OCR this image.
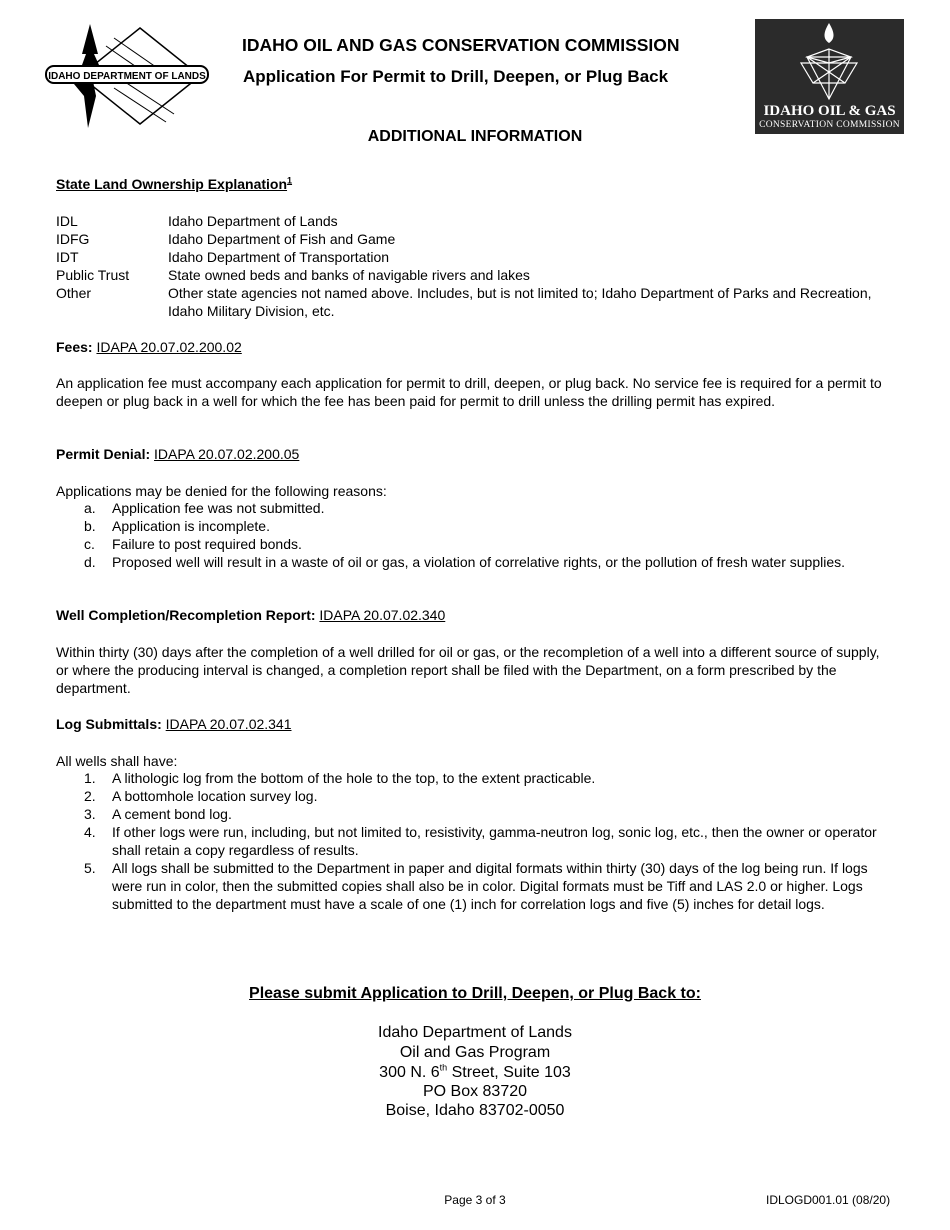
IDAHO DEPARTMENT OF LANDS
IDAHO OIL & GAS
CONSERVATION COMMISSION
IDAHO OIL AND GAS CONSERVATION COMMISSION
Application For Permit to Drill, Deepen, or Plug Back
ADDITIONAL INFORMATION
State Land Ownership Explanation$^1$
IDL	Idaho Department of Lands
IDFG	Idaho Department of Fish and Game
IDT	Idaho Department of Transportation
Public Trust	State owned beds and banks of navigable rivers and lakes
Other	Other state agencies not named above. Includes, but is not limited to; Idaho Department of Parks and Recreation, Idaho Military Division, etc.
Fees: IDAPA 20.07.02.200.02
An application fee must accompany each application for permit to drill, deepen, or plug back. No service fee is required for a permit to deepen or plug back in a well for which the fee has been paid for permit to drill unless the drilling permit has expired.
Permit Denial: IDAPA 20.07.02.200.05
Applications may be denied for the following reasons:
a. Application fee was not submitted.
b. Application is incomplete.
c. Failure to post required bonds.
d. Proposed well will result in a waste of oil or gas, a violation of correlative rights, or the pollution of fresh water supplies.
Well Completion/Recompletion Report: IDAPA 20.07.02.340
Within thirty (30) days after the completion of a well drilled for oil or gas, or the recompletion of a well into a different source of supply, or where the producing interval is changed, a completion report shall be filed with the Department, on a form prescribed by the department.
Log Submittals: IDAPA 20.07.02.341
All wells shall have:
1. A lithologic log from the bottom of the hole to the top, to the extent practicable.
2. A bottomhole location survey log.
3. A cement bond log.
4. If other logs were run, including, but not limited to, resistivity, gamma-neutron log, sonic log, etc., then the owner or operator shall retain a copy regardless of results.
5. All logs shall be submitted to the Department in paper and digital formats within thirty (30) days of the log being run. If logs were run in color, then the submitted copies shall also be in color. Digital formats must be Tiff and LAS 2.0 or higher. Logs submitted to the department must have a scale of one (1) inch for correlation logs and five (5) inches for detail logs.
Please submit Application to Drill, Deepen, or Plug Back to:
Idaho Department of Lands
Oil and Gas Program
300 N. 6th Street, Suite 103
PO Box 83720
Boise, Idaho 83702-0050
Page 3 of 3	IDLOGD001.01 (08/20)
